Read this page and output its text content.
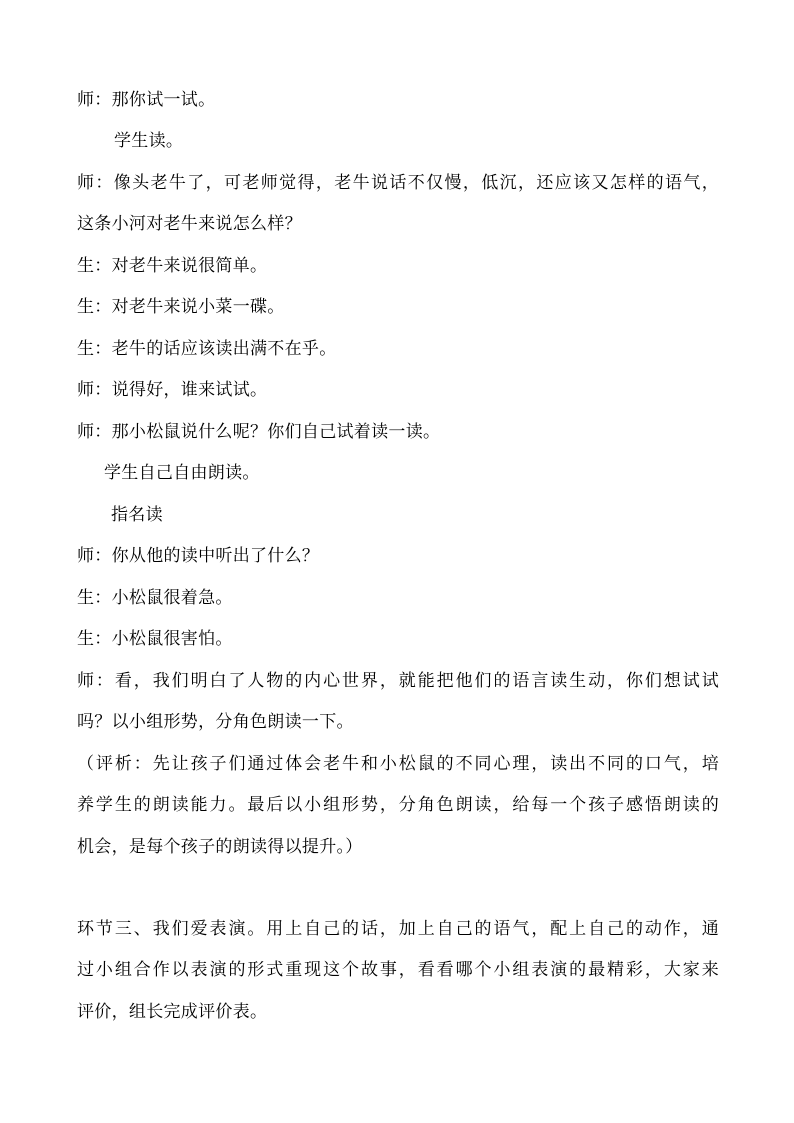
师：那你试一试。
学生读。
师：像头老牛了，可老师觉得，老牛说话不仅慢，低沉，还应该又怎样的语气，
这条小河对老牛来说怎么样？
生：对老牛来说很简单。
生：对老牛来说小菜一碟。
生：老牛的话应该读出满不在乎。
师：说得好，谁来试试。
师：那小松鼠说什么呢？你们自己试着读一读。
学生自己自由朗读。
指名读
师：你从他的读中听出了什么？
生：小松鼠很着急。
生：小松鼠很害怕。
师：看，我们明白了人物的内心世界，就能把他们的语言读生动，你们想试试
吗？以小组形势，分角色朗读一下。
（评析：先让孩子们通过体会老牛和小松鼠的不同心理，读出不同的口气，培
养学生的朗读能力。最后以小组形势，分角色朗读，给每一个孩子感悟朗读的
机会，是每个孩子的朗读得以提升。）
环节三、我们爱表演。用上自己的话，加上自己的语气，配上自己的动作，通
过小组合作以表演的形式重现这个故事，看看哪个小组表演的最精彩，大家来
评价，组长完成评价表。
